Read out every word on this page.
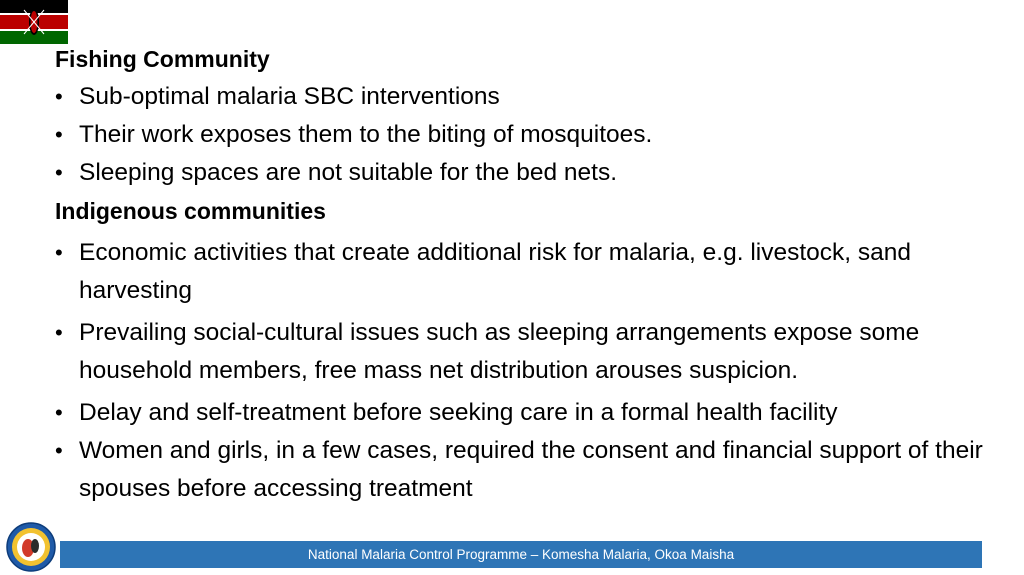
Fishing Community
• Sub-optimal malaria SBC interventions
• Their work exposes them to the biting of mosquitoes.
• Sleeping spaces are not suitable for the bed nets.
Indigenous communities
• Economic activities that create additional risk for malaria, e.g. livestock, sand harvesting
• Prevailing social-cultural issues such as sleeping arrangements expose some household members, free mass net distribution arouses suspicion.
• Delay and self-treatment before seeking care in a formal health facility
• Women and girls, in a few cases, required the consent and financial support of their spouses before accessing treatment
National Malaria Control Programme – Komesha Malaria, Okoa Maisha
